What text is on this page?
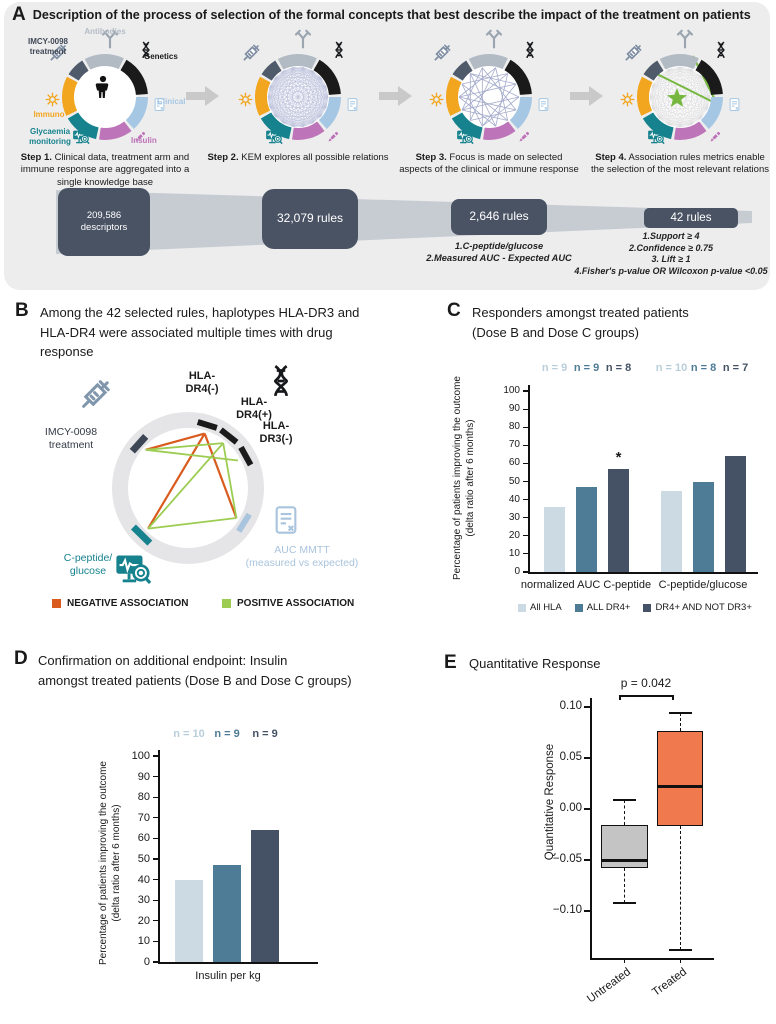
A Description of the process of selection of the formal concepts that best describe the impact of the treatment on patients
Antibodies
IMCY-0098 treatment
Genetics
Clinical
Insulin
Glycaemia monitoring
Immuno
Step 1. Clinical data, treatment arm and immune response are aggregated into a single knowledge base
Step 2. KEM explores all possible relations	Step 3. Focus is made on selected aspects of the clinical or immune response
Step 4. Association rules metrics enable the selection of the most relevant relations
209,586
descriptors
32,079 rules	2,646 rules	42 rules
1.C-peptide/glucose
2.Measured AUC - Expected AUC
1.Support ≥ 4
2.Confidence ≥ 0.75
3. Lift ≥ 1
4.Fisher's p-value OR Wilcoxon p-value <0.05
B Among the 42 selected rules, haplotypes HLA-DR3 and HLA-DR4 were associated multiple times with drug response
HLA- DR4(-)
HLA- DR4(+)
HLA- DR3(-)
IMCY-0098 treatment
AUC MMTT
(measured vs expected)
C-peptide/
glucose
NEGATIVE ASSOCIATION	POSITIVE ASSOCIATION
C Responders amongst treated patients
(Dose B and Dose C groups)
0
10
20
30
40
50
60
70
80
90
100
n = 9	n = 10
n = 9	n = 8
n = 8	n = 7
normalized AUC C-peptide C-peptide/glucose
Percentage of patients improving the outcome (delta ratio after 6 months)	*
All HLA	ALL DR4+	DR4+ AND NOT DR3+
D Confirmation on additional endpoint: Insulin
amongst treated patients (Dose B and Dose C groups)
0
10
20
30
40
50
60
70
80
90
100
n = 10 n = 9	n = 9
Insulin per kg
Percentage of patients improving the outcome (delta ratio after 6 months)
E Quantitative Response
0.10
0.05
0.00
−0.05
−0.10
Untreated	Treated
p = 0.042
Quantitative Response
